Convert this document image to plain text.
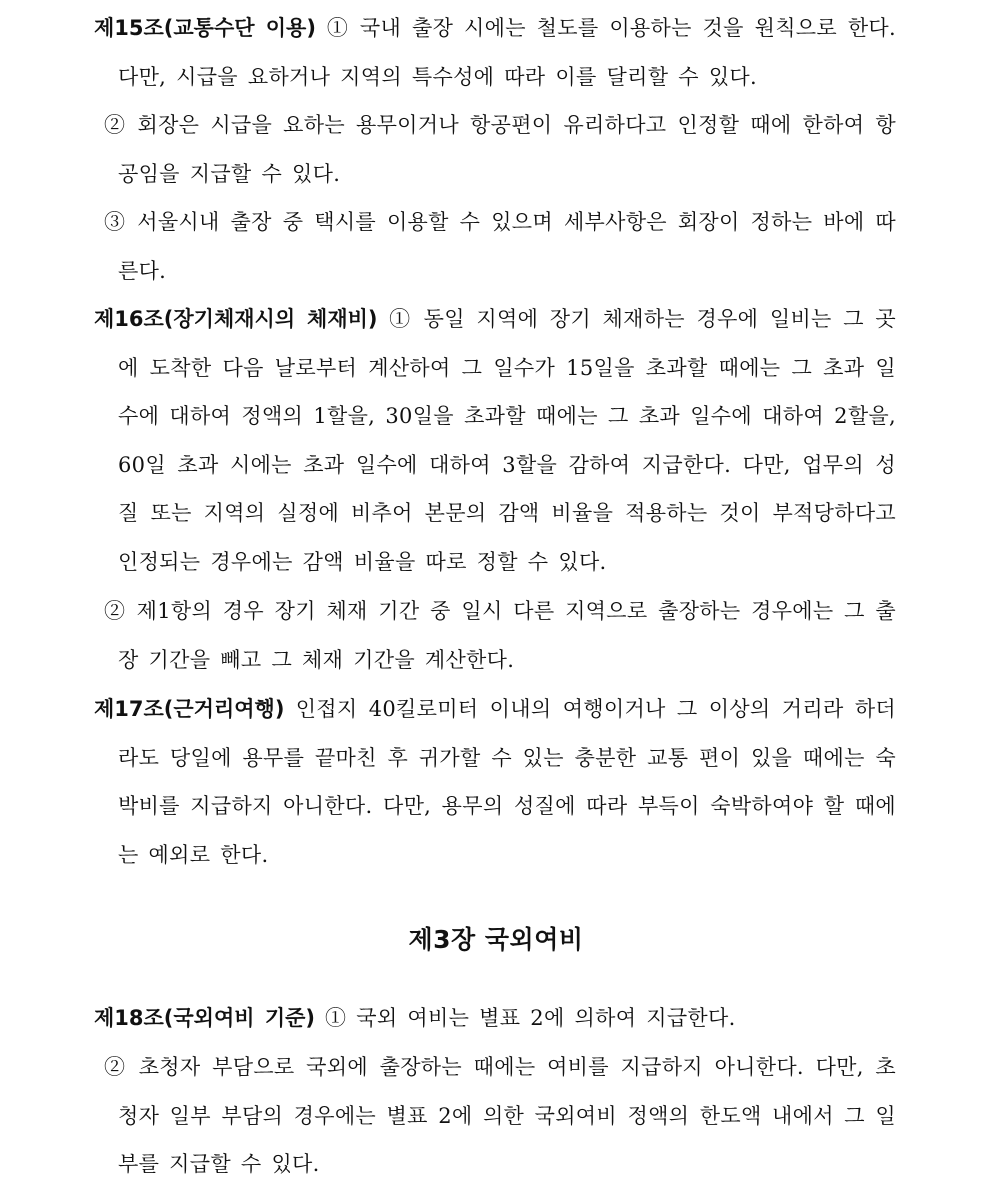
제15조(교통수단 이용) ① 국내 출장 시에는 철도를 이용하는 것을 원칙으로 한다. 다만, 시급을 요하거나 지역의 특수성에 따라 이를 달리할 수 있다.
② 회장은 시급을 요하는 용무이거나 항공편이 유리하다고 인정할 때에 한하여 항공임을 지급할 수 있다.
③ 서울시내 출장 중 택시를 이용할 수 있으며 세부사항은 회장이 정하는 바에 따른다.
제16조(장기체재시의 체재비) ① 동일 지역에 장기 체재하는 경우에 일비는 그 곳에 도착한 다음 날로부터 계산하여 그 일수가 15일을 초과할 때에는 그 초과 일수에 대하여 정액의 1할을, 30일을 초과할 때에는 그 초과 일수에 대하여 2할을, 60일 초과 시에는 초과 일수에 대하여 3할을 감하여 지급한다. 다만, 업무의 성질 또는 지역의 실정에 비추어 본문의 감액 비율을 적용하는 것이 부적당하다고 인정되는 경우에는 감액 비율을 따로 정할 수 있다.
② 제1항의 경우 장기 체재 기간 중 일시 다른 지역으로 출장하는 경우에는 그 출장 기간을 빼고 그 체재 기간을 계산한다.
제17조(근거리여행) 인접지 40킬로미터 이내의 여행이거나 그 이상의 거리라 하더라도 당일에 용무를 끝마친 후 귀가할 수 있는 충분한 교통 편이 있을 때에는 숙박비를 지급하지 아니한다. 다만, 용무의 성질에 따라 부득이 숙박하여야 할 때에는 예외로 한다.
제3장 국외여비
제18조(국외여비 기준) ① 국외 여비는 별표 2에 의하여 지급한다.
② 초청자 부담으로 국외에 출장하는 때에는 여비를 지급하지 아니한다. 다만, 초청자 일부 부담의 경우에는 별표 2에 의한 국외여비 정액의 한도액 내에서 그 일부를 지급할 수 있다.
